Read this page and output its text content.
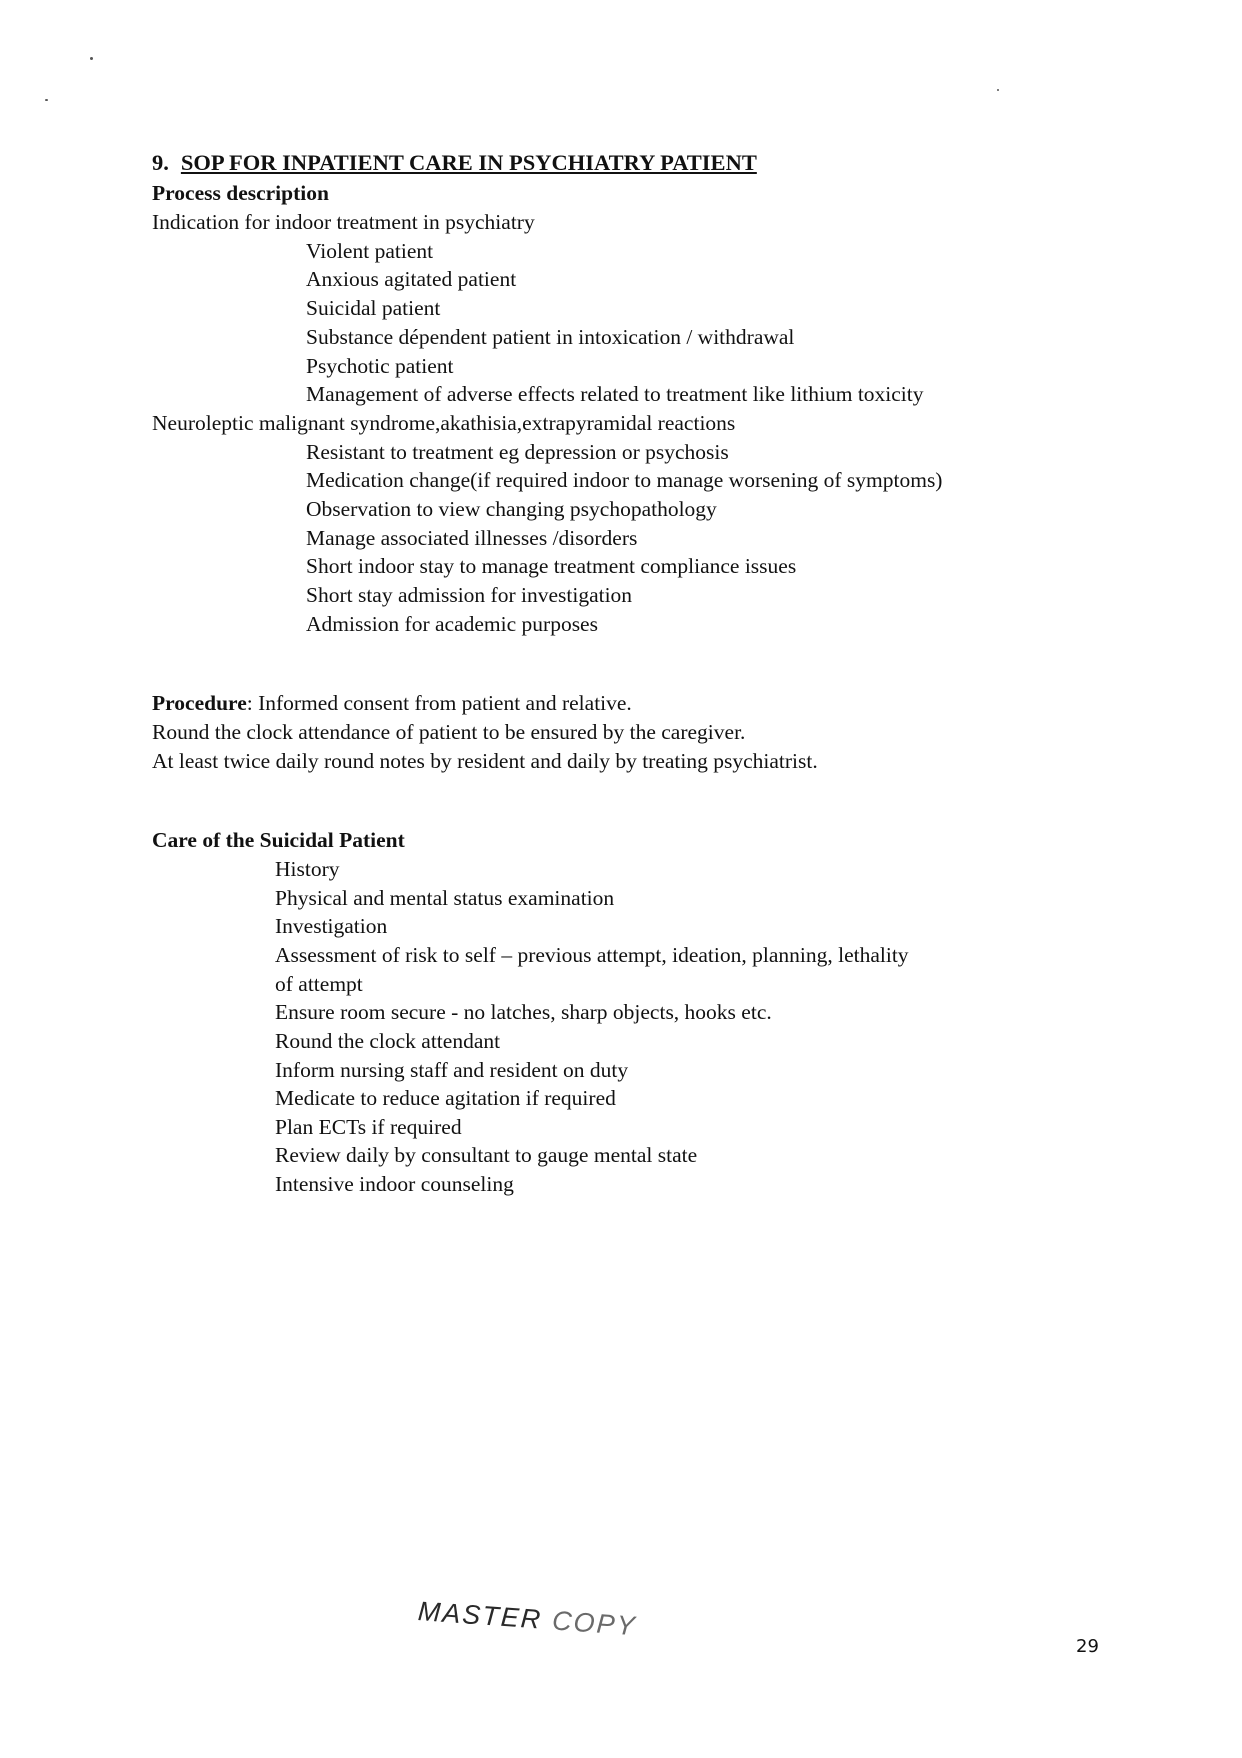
9. SOP FOR INPATIENT CARE IN PSYCHIATRY PATIENT
Process description
Indication for indoor treatment in psychiatry
Violent patient
Anxious agitated patient
Suicidal patient
Substance dépendent patient in intoxication / withdrawal
Psychotic patient
Management of adverse effects related to treatment like lithium toxicity
Neuroleptic malignant syndrome,akathisia,extrapyramidal reactions
Resistant to treatment eg depression or psychosis
Medication change(if required indoor to manage worsening of symptoms)
Observation to view changing psychopathology
Manage associated illnesses /disorders
Short indoor stay to manage treatment compliance issues
Short stay admission for investigation
Admission for academic purposes
Procedure: Informed consent from patient and relative.
Round the clock attendance of patient to be ensured by the caregiver.
At least twice daily round notes by resident and daily by treating psychiatrist.
Care of the Suicidal Patient
History
Physical and mental status examination
Investigation
Assessment of risk to self – previous attempt, ideation, planning, lethality
of attempt
Ensure room secure - no latches, sharp objects, hooks etc.
Round the clock attendant
Inform nursing staff and resident on duty
Medicate to reduce agitation if required
Plan ECTs if required
Review daily by consultant to gauge mental state
Intensive indoor counseling
MASTER COPY
29
